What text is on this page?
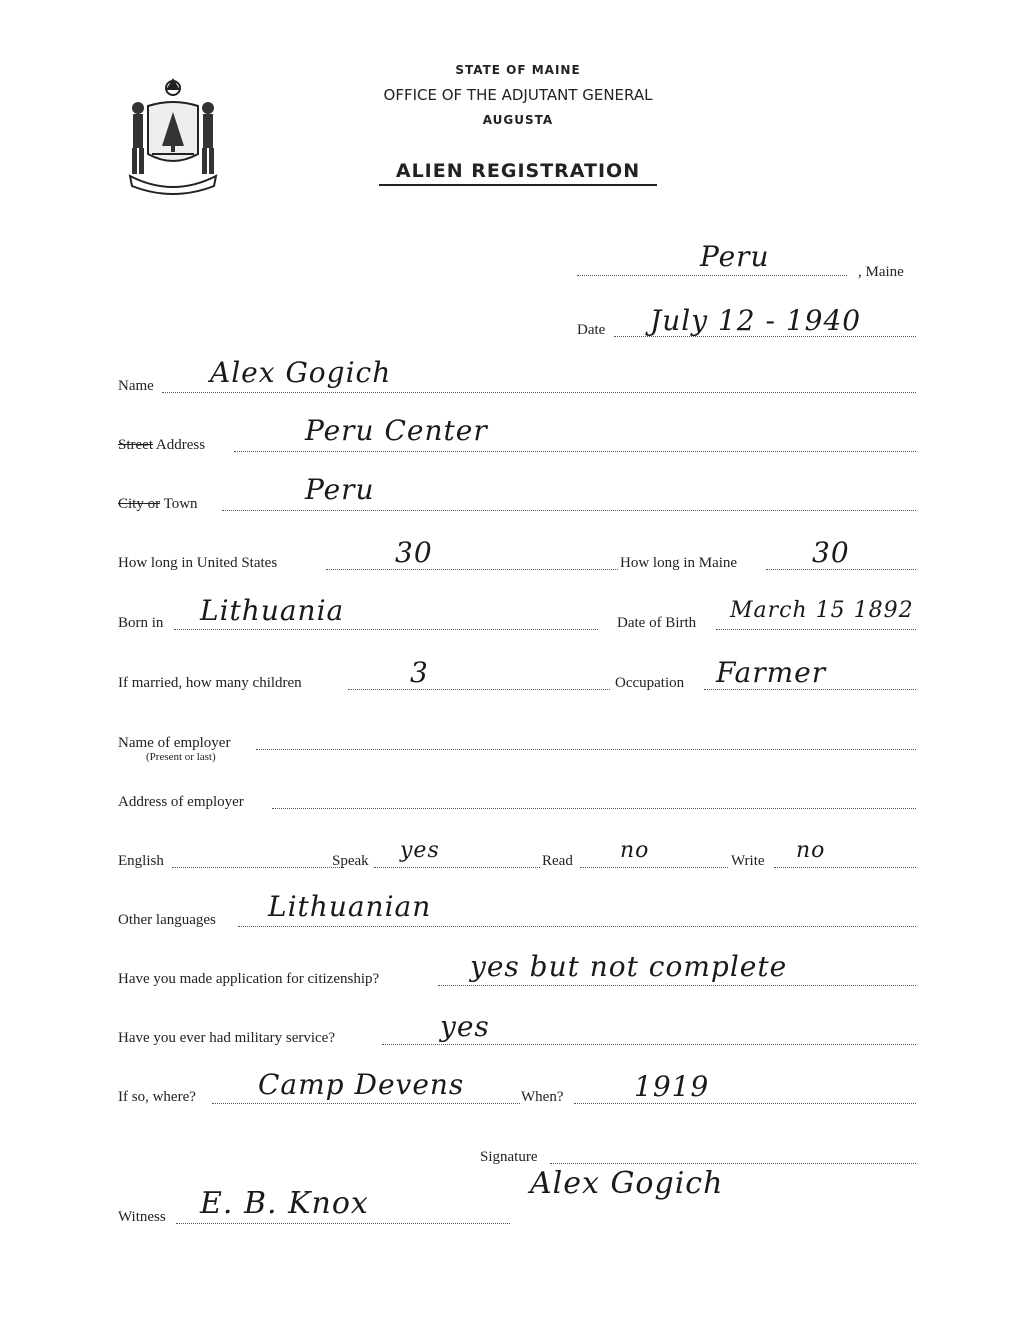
STATE OF MAINE
OFFICE OF THE ADJUTANT GENERAL
AUGUSTA
ALIEN REGISTRATION
Peru	, Maine
Date July 12 - 1940
Name Alex Gogich
Street Address	Peru Center
City or Town	Peru
How long in United States	30	How long in Maine	30
Born in Lithuania	Date of Birth March 15 1892
If married, how many children	3	Occupation Farmer
Name of employer
(Present or last)
Address of employer
English	Speak yes	Read no	Write no
Other languages Lithuanian
Have you made application for citizenship?	yes but not complete
Have you ever had military service?	yes
If so, where? Camp Devens	When?	1919
Signature
Alex Gogich
Witness E. B. Knox
